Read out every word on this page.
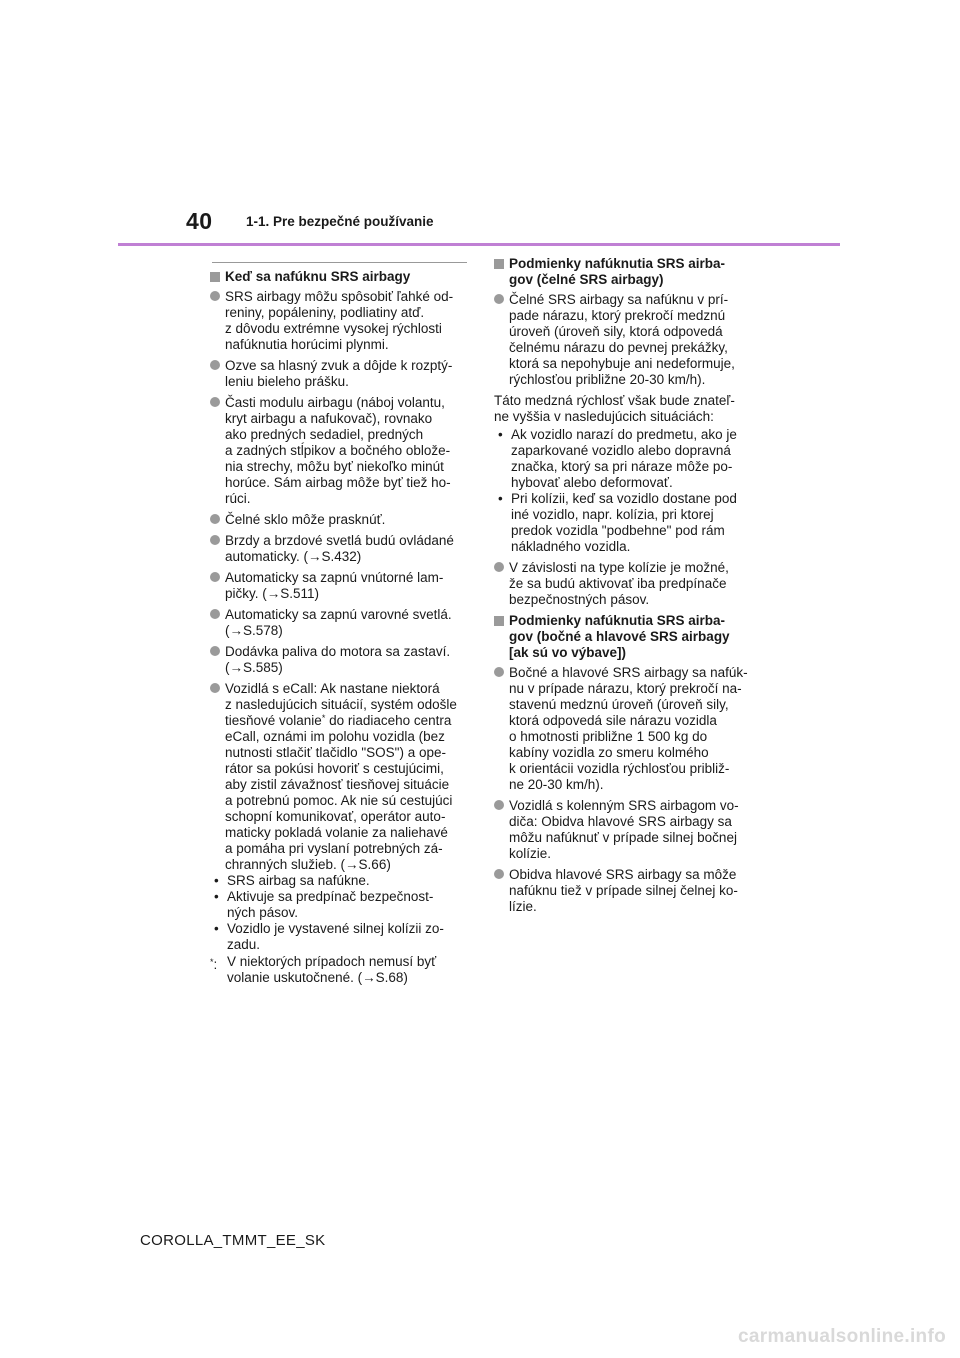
40 1-1. Pre bezpečné používanie
Keď sa nafúknu SRS airbagy
SRS airbagy môžu spôsobiť ľahké od-
reniny, popáleniny, podliatiny atď.
z dôvodu extrémne vysokej rýchlosti
nafúknutia horúcimi plynmi.
Ozve sa hlasný zvuk a dôjde k rozptý-
leniu bieleho prášku.
Časti modulu airbagu (náboj volantu,
kryt airbagu a nafukovač), rovnako
ako predných sedadiel, predných
a zadných stĺpikov a bočného oblože-
nia strechy, môžu byť niekoľko minút
horúce. Sám airbag môže byť tiež ho-
rúci.
Čelné sklo môže prasknúť.
Brzdy a brzdové svetlá budú ovládané
automaticky. (→S.432)
Automaticky sa zapnú vnútorné lam-
pičky. (→S.511)
Automaticky sa zapnú varovné svetlá.
(→S.578)
Dodávka paliva do motora sa zastaví.
(→S.585)
Vozidlá s eCall: Ak nastane niektorá
z nasledujúcich situácií, systém odošle
tiesňové volanie* do riadiaceho centra
eCall, oznámi im polohu vozidla (bez
nutnosti stlačiť tlačidlo "SOS") a ope-
rátor sa pokúsi hovoriť s cestujúcimi,
aby zistil závažnosť tiesňovej situácie
a potrebnú pomoc. Ak nie sú cestujúci
schopní komunikovať, operátor auto-
maticky pokladá volanie za naliehavé
a pomáha pri vyslaní potrebných zá-
chranných služieb. (→S.66)
• SRS airbag sa nafúkne.
• Aktivuje sa predpínač bezpečnost-
ných pásov.
• Vozidlo je vystavené silnej kolízii zo-
zadu.
*: V niektorých prípadoch nemusí byť
volanie uskutočnené. (→S.68)
Podmienky nafúknutia SRS airba-
gov (čelné SRS airbagy)
Čelné SRS airbagy sa nafúknu v prí-
pade nárazu, ktorý prekročí medznú
úroveň (úroveň sily, ktorá odpovedá
čelnému nárazu do pevnej prekážky,
ktorá sa nepohybuje ani nedeformuje,
rýchlosťou približne 20-30 km/h).
Táto medzná rýchlosť však bude znateľ-
ne vyššia v nasledujúcich situáciách:
• Ak vozidlo narazí do predmetu, ako je
zaparkované vozidlo alebo dopravná
značka, ktorý sa pri náraze môže po-
hybovať alebo deformovať.
• Pri kolízii, keď sa vozidlo dostane pod
iné vozidlo, napr. kolízia, pri ktorej
predok vozidla "podbehne" pod rám
nákladného vozidla.
V závislosti na type kolízie je možné,
že sa budú aktivovať iba predpínače
bezpečnostných pásov.
Podmienky nafúknutia SRS airba-
gov (bočné a hlavové SRS airbagy
[ak sú vo výbave])
Bočné a hlavové SRS airbagy sa nafúk-
nu v prípade nárazu, ktorý prekročí na-
stavenú medznú úroveň (úroveň sily,
ktorá odpovedá sile nárazu vozidla
o hmotnosti približne 1 500 kg do
kabíny vozidla zo smeru kolmého
k orientácii vozidla rýchlosťou približ-
ne 20-30 km/h).
Vozidlá s kolenným SRS airbagom vo-
diča: Obidva hlavové SRS airbagy sa
môžu nafúknuť v prípade silnej bočnej
kolízie.
Obidva hlavové SRS airbagy sa môže
nafúknu tiež v prípade silnej čelnej ko-
lízie.
COROLLA_TMMT_EE_SK
carmanualsonline.info
